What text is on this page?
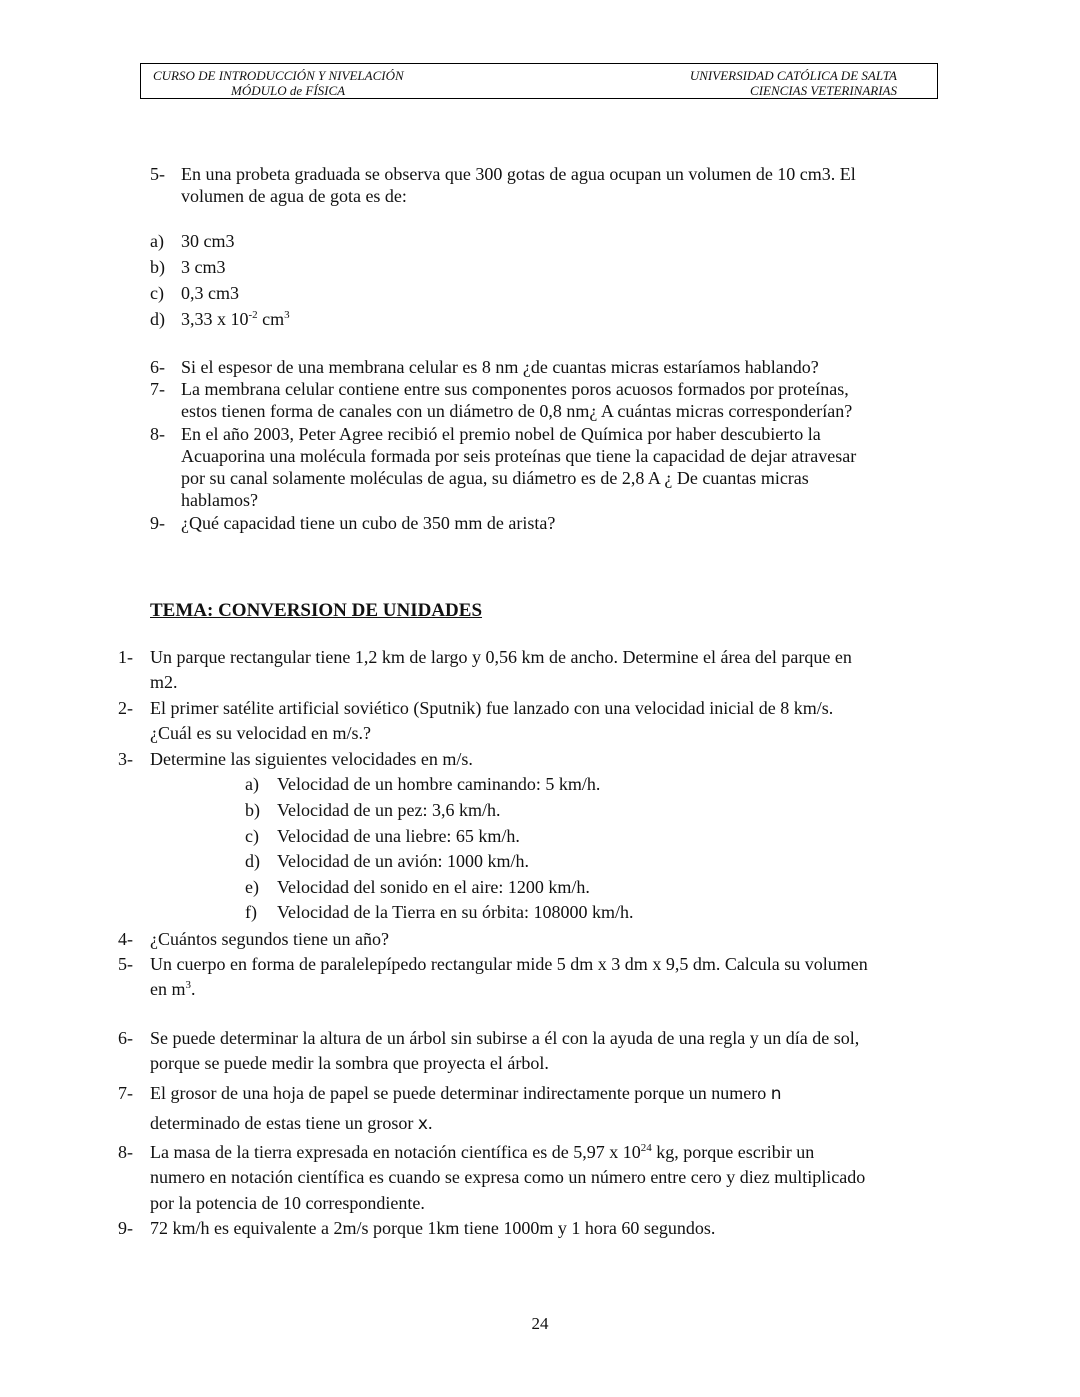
CURSO DE INTRODUCCIÓN Y NIVELACIÓN
MÓDULO de FÍSICA
UNIVERSIDAD CATÓLICA DE SALTA
CIENCIAS VETERINARIAS
5- En una probeta graduada se observa que 300 gotas de agua ocupan un volumen de 10 cm3. El
volumen de agua de gota es de:
a) 30 cm3
b) 3 cm3
c) 0,3 cm3
d) 3,33 x $10^{-2}$ $cm^3$
6- Si el espesor de una membrana celular es 8 nm ¿de cuantas micras estaríamos hablando?
7- La membrana celular contiene entre sus componentes poros acuosos formados por proteínas,
estos tienen forma de canales con un diámetro de 0,8 nm¿ A cuántas micras corresponderían?
8- En el año 2003, Peter Agree recibió el premio nobel de Química por haber descubierto la
Acuaporina una molécula formada por seis proteínas que tiene la capacidad de dejar atravesar
por su canal solamente moléculas de agua, su diámetro es de 2,8 A ¿ De cuantas micras
hablamos?
9- ¿Qué capacidad tiene un cubo de 350 mm de arista?
TEMA: CONVERSION DE UNIDADES
1- Un parque rectangular tiene 1,2 km de largo y 0,56 km de ancho. Determine el área del parque en
m2.
2- El primer satélite artificial soviético (Sputnik) fue lanzado con una velocidad inicial de 8 km/s.
¿Cuál es su velocidad en m/s.?
3- Determine las siguientes velocidades en m/s.
a) Velocidad de un hombre caminando: 5 km/h.
b) Velocidad de un pez: 3,6 km/h.
c) Velocidad de una liebre: 65 km/h.
d) Velocidad de un avión: 1000 km/h.
e) Velocidad del sonido en el aire: 1200 km/h.
f) Velocidad de la Tierra en su órbita: 108000 km/h.
4- ¿Cuántos segundos tiene un año?
5- Un cuerpo en forma de paralelepípedo rectangular mide 5 dm x 3 dm x 9,5 dm. Calcula su volumen
en $m^3$.
6- Se puede determinar la altura de un árbol sin subirse a él con la ayuda de una regla y un día de sol,
porque se puede medir la sombra que proyecta el árbol.
7- El grosor de una hoja de papel se puede determinar indirectamente porque un numero n
determinado de estas tiene un grosor x.
8- La masa de la tierra expresada en notación científica es de 5,97 x $10^{24}$ kg, porque escribir un
numero en notación científica es cuando se expresa como un número entre cero y diez multiplicado
por la potencia de 10 correspondiente.
9- 72 km/h es equivalente a 2m/s porque 1km tiene 1000m y 1 hora 60 segundos.
24
